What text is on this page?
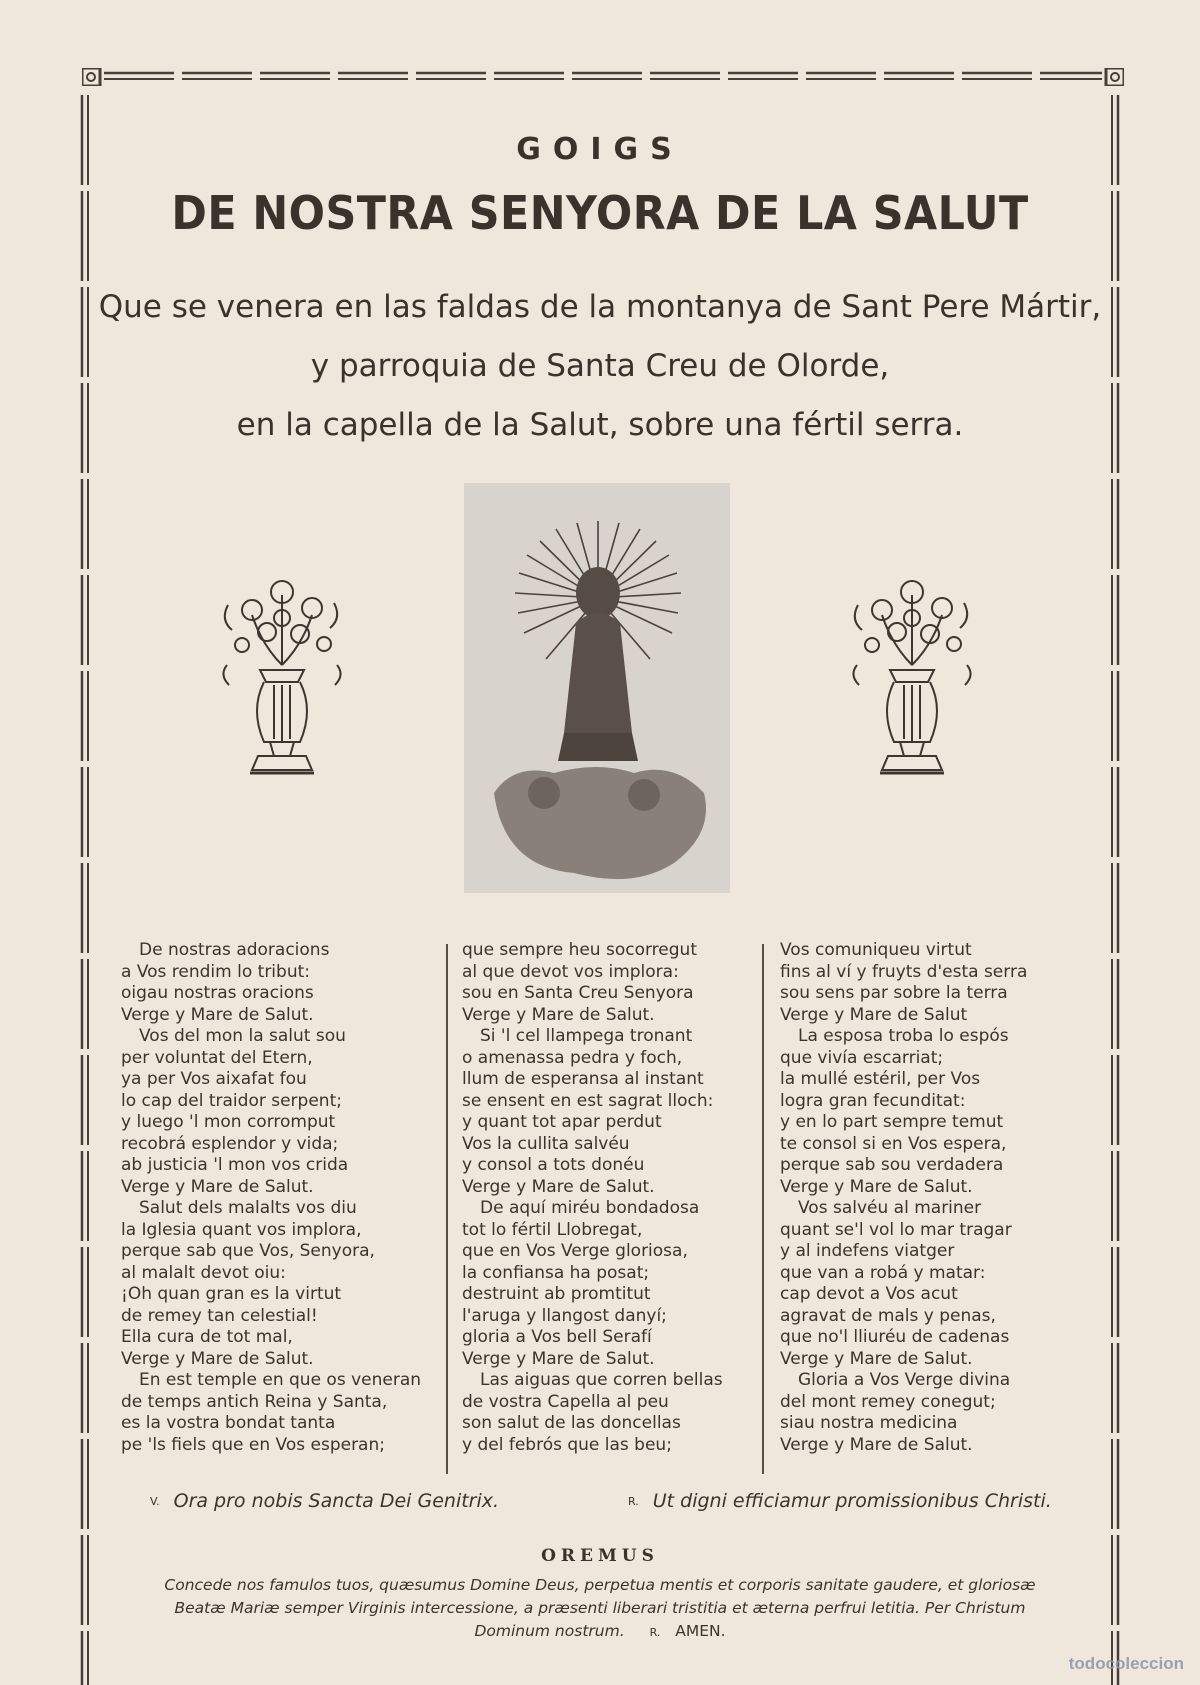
GOIGS
DE NOSTRA SENYORA DE LA SALUT
Que se venera en las faldas de la montanya de Sant Pere Mártir,
y parroquia de Santa Creu de Olorde,
en la capella de la Salut, sobre una fértil serra.
De nostras adoracions
a Vos rendim lo tribut:
oigau nostras oracions
Verge y Mare de Salut.
Vos del mon la salut sou
per voluntat del Etern,
ya per Vos aixafat fou
lo cap del traidor serpent;
y luego 'l mon corromput
recobrá esplendor y vida;
ab justicia 'l mon vos crida
Verge y Mare de Salut.
Salut dels malalts vos diu
la Iglesia quant vos implora,
perque sab que Vos, Senyora,
al malalt devot oiu:
¡Oh quan gran es la virtut
de remey tan celestial!
Ella cura de tot mal,
Verge y Mare de Salut.
En est temple en que os veneran
de temps antich Reina y Santa,
es la vostra bondat tanta
pe 'ls fiels que en Vos esperan;
que sempre heu socorregut
al que devot vos implora:
sou en Santa Creu Senyora
Verge y Mare de Salut.
Si 'l cel llampega tronant
o amenassa pedra y foch,
llum de esperansa al instant
se ensent en est sagrat lloch:
y quant tot apar perdut
Vos la cullita salvéu
y consol a tots donéu
Verge y Mare de Salut.
De aquí miréu bondadosa
tot lo fértil Llobregat,
que en Vos Verge gloriosa,
la confiansa ha posat;
destruint ab promtitut
l'aruga y llangost danyí;
gloria a Vos bell Serafí
Verge y Mare de Salut.
Las aiguas que corren bellas
de vostra Capella al peu
son salut de las doncellas
y del febrós que las beu;
Vos comuniqueu virtut
fins al ví y fruyts d'esta serra
sou sens par sobre la terra
Verge y Mare de Salut
La esposa troba lo espós
que vivía escarriat;
la mullé estéril, per Vos
logra gran fecunditat:
y en lo part sempre temut
te consol si en Vos espera,
perque sab sou verdadera
Verge y Mare de Salut.
Vos salvéu al mariner
quant se'l vol lo mar tragar
y al indefens viatger
que van a robá y matar:
cap devot a Vos acut
agravat de mals y penas,
que no'l lliuréu de cadenas
Verge y Mare de Salut.
Gloria a Vos Verge divina
del mont remey conegut;
siau nostra medicina
Verge y Mare de Salut.
V. Ora pro nobis Sancta Dei Genitrix.	R. Ut digni efficiamur promissionibus Christi.
OREMUS
Concede nos famulos tuos, quæsumus Domine Deus, perpetua mentis et corporis sanitate gaudere, et gloriosæ
Beatæ Mariæ semper Virginis intercessione, a præsenti liberari tristitia et æterna perfrui letitia. Per Christum
Dominum nostrum. R. AMEN.
todocoleccion
